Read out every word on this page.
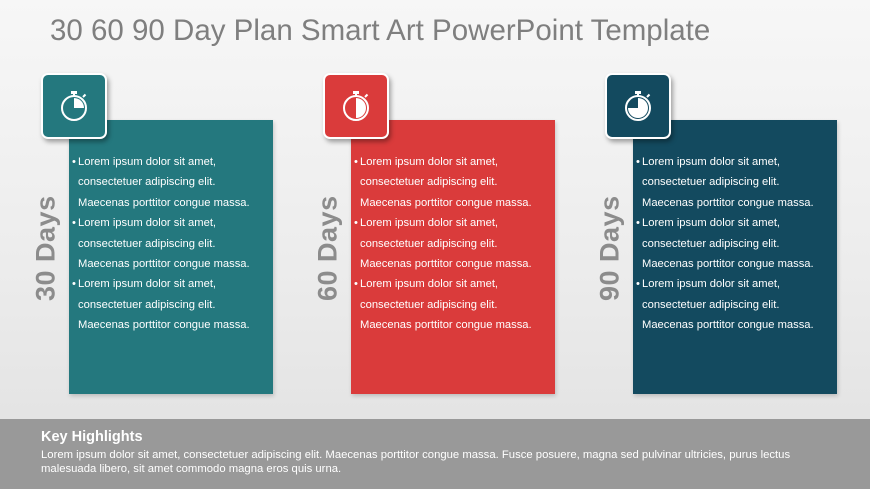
30 60 90 Day Plan Smart Art PowerPoint Template
30 Days
• Lorem ipsum dolor sit amet,
consectetuer adipiscing elit.
Maecenas porttitor congue massa.
• Lorem ipsum dolor sit amet,
consectetuer adipiscing elit.
Maecenas porttitor congue massa.
• Lorem ipsum dolor sit amet,
consectetuer adipiscing elit.
Maecenas porttitor congue massa.
60 Days
• Lorem ipsum dolor sit amet,
consectetuer adipiscing elit.
Maecenas porttitor congue massa.
• Lorem ipsum dolor sit amet,
consectetuer adipiscing elit.
Maecenas porttitor congue massa.
• Lorem ipsum dolor sit amet,
consectetuer adipiscing elit.
Maecenas porttitor congue massa.
90 Days
• Lorem ipsum dolor sit amet,
consectetuer adipiscing elit.
Maecenas porttitor congue massa.
• Lorem ipsum dolor sit amet,
consectetuer adipiscing elit.
Maecenas porttitor congue massa.
• Lorem ipsum dolor sit amet,
consectetuer adipiscing elit.
Maecenas porttitor congue massa.
Key Highlights
Lorem ipsum dolor sit amet, consectetuer adipiscing elit. Maecenas porttitor congue massa. Fusce posuere, magna sed pulvinar ultricies, purus lectus malesuada libero, sit amet commodo magna eros quis urna.
